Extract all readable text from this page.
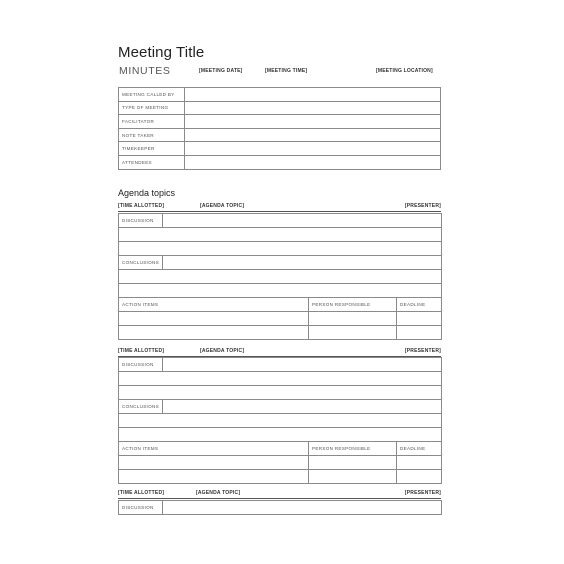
Meeting Title
MINUTES	[MEETING DATE]	[MEETING TIME]	[MEETING LOCATION]
MEETING CALLED BY	
TYPE OF MEETING	
FACILITATOR	
NOTE TAKER	
TIMEKEEPER	
ATTENDEES	
Agenda topics
[TIME ALLOTTED]	[AGENDA TOPIC]	[PRESENTER]
DISCUSSION			

CONCLUSIONS			

ACTION ITEMS		PERSON RESPONSIBLE	DEADLINE

[TIME ALLOTTED]	[AGENDA TOPIC]	[PRESENTER]
DISCUSSION			

CONCLUSIONS			

ACTION ITEMS		PERSON RESPONSIBLE	DEADLINE

[TIME ALLOTTED]	[AGENDA TOPIC]	[PRESENTER]
DISCUSSION	
